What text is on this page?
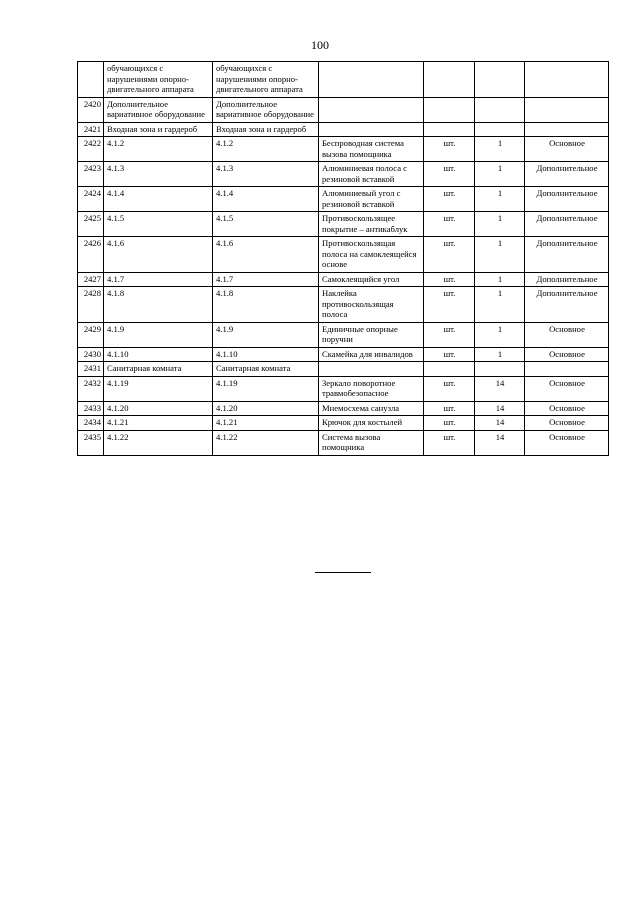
100
	обучающихся с нарушениями опорно-двигательного аппарата	обучающихся с нарушениями опорно-двигательного аппарата				
2420	Дополнительное вариативное оборудование	Дополнительное вариативное оборудование				
2421	Входная зона и гардероб	Входная зона и гардероб				
2422	4.1.2	4.1.2	Беспроводная система вызова помощника	шт.	1	Основное
2423	4.1.3	4.1.3	Алюминиевая полоса с резиновой вставкой	шт.	1	Дополнительное
2424	4.1.4	4.1.4	Алюминиевый угол с резиновой вставкой	шт.	1	Дополнительное
2425	4.1.5	4.1.5	Противоскользящее покрытие – антикаблук	шт.	1	Дополнительное
2426	4.1.6	4.1.6	Противоскользящая полоса на самоклеящейся основе	шт.	1	Дополнительное
2427	4.1.7	4.1.7	Самоклеящийся угол	шт.	1	Дополнительное
2428	4.1.8	4.1.8	Наклейка противоскользящая полоса	шт.	1	Дополнительное
2429	4.1.9	4.1.9	Единичные опорные поручни	шт.	1	Основное
2430	4.1.10	4.1.10	Скамейка для инвалидов	шт.	1	Основное
2431	Санитарная комната	Санитарная комната				
2432	4.1.19	4.1.19	Зеркало поворотное травмобезопасное	шт.	14	Основное
2433	4.1.20	4.1.20	Мнемосхема санузла	шт.	14	Основное
2434	4.1.21	4.1.21	Крючок для костылей	шт.	14	Основное
2435	4.1.22	4.1.22	Система вызова помощника	шт.	14	Основное
